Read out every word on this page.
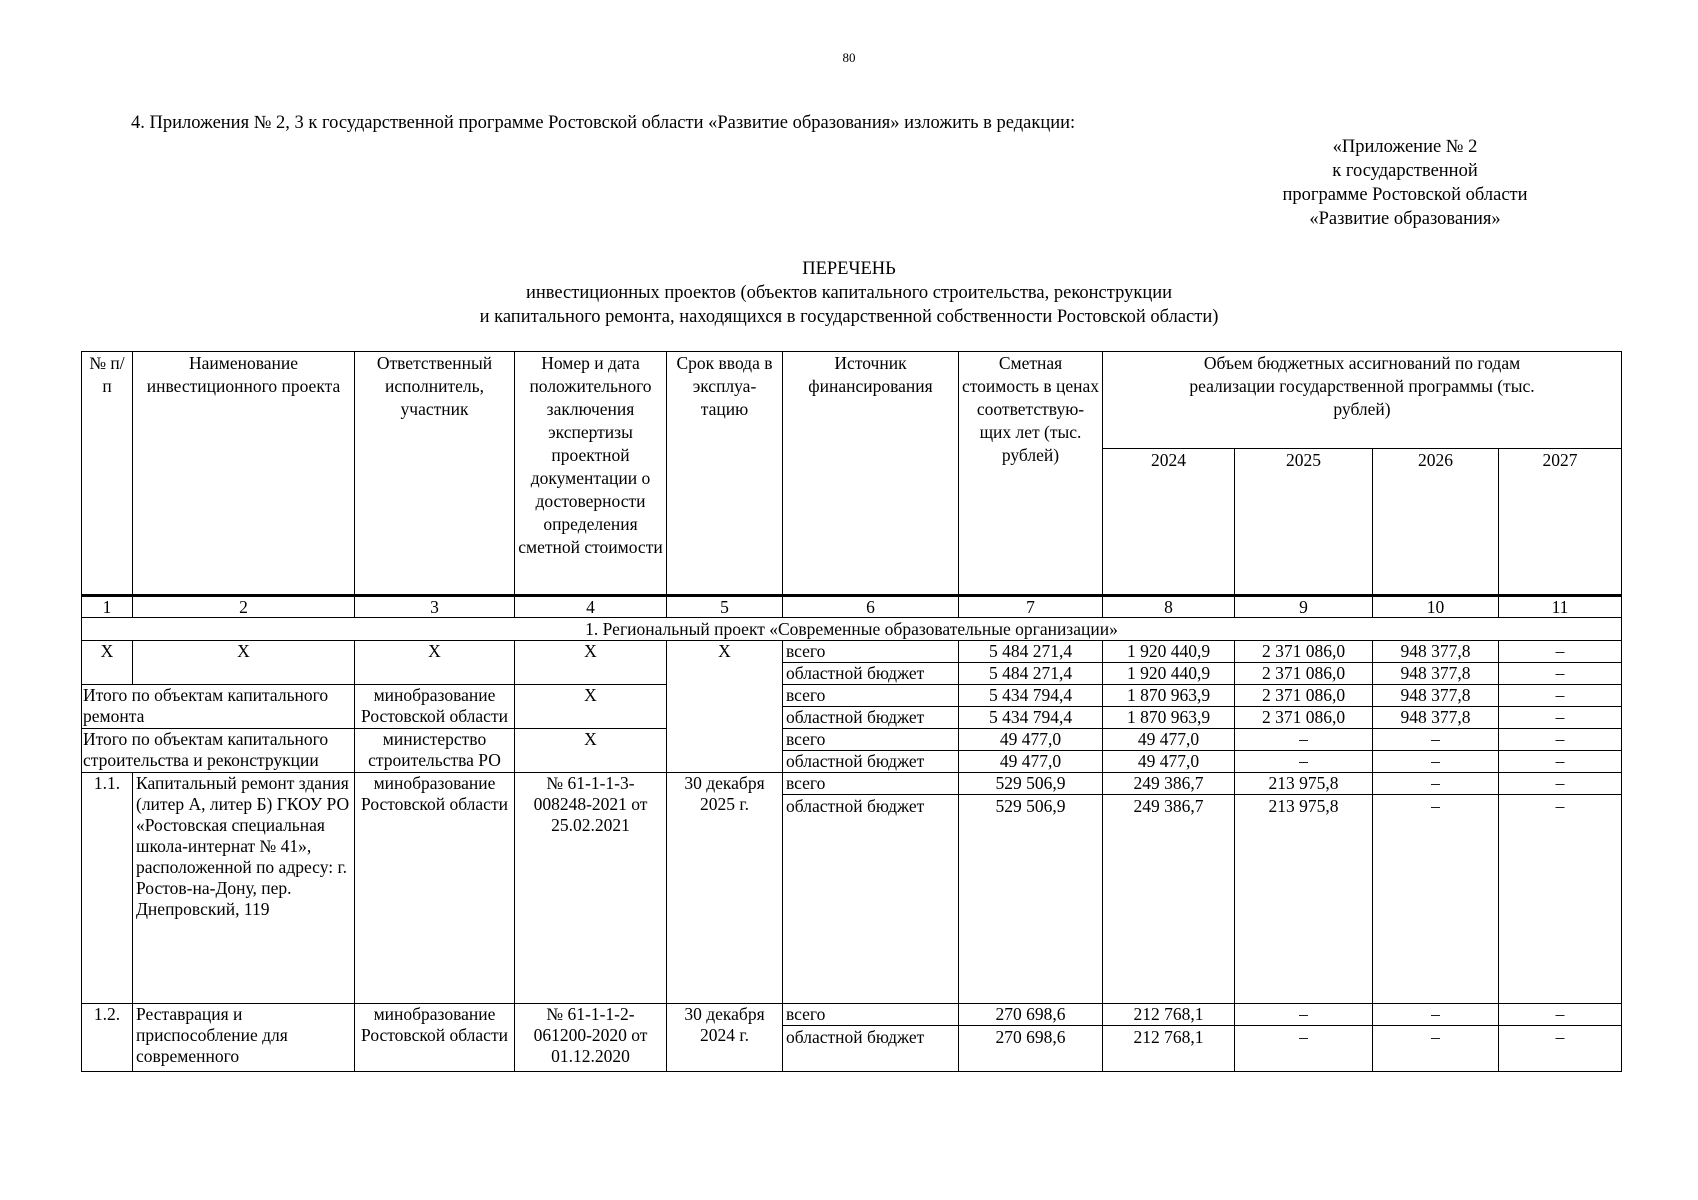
80
4. Приложения № 2, 3 к государственной программе Ростовской области «Развитие образования» изложить в редакции:
«Приложение № 2
к государственной
программе Ростовской области
«Развитие образования»
ПЕРЕЧЕНЬ
инвестиционных проектов (объектов капитального строительства, реконструкции
и капитального ремонта, находящихся в государственной собственности Ростовской области)
№ п/п	Наименование инвестиционного проекта	Ответственный исполнитель, участник	Номер и дата положительного заключения экспертизы проектной документации о достоверности определения сметной стоимости	Срок ввода в эксплуа-тацию	Источник финансирования	Сметная стоимость в ценах соответствую-щих лет (тыс. рублей)	Объем бюджетных ассигнований по годам реализации государственной программы (тыс. рублей)			
							2024	2025	2026	2027
1	2	3	4	5	6	7	8	9	10	11
1. Региональный проект «Современные образовательные организации»										
Х	Х	Х	Х	Х	всего	5 484 271,4	1 920 440,9	2 371 086,0	948 377,8	–
					областной бюджет	5 484 271,4	1 920 440,9	2 371 086,0	948 377,8	–
Итого по объектам капитального ремонта		минобразование Ростовской области	Х		всего	5 434 794,4	1 870 963,9	2 371 086,0	948 377,8	–
					областной бюджет	5 434 794,4	1 870 963,9	2 371 086,0	948 377,8	–

Итого по объектам капитального строительства и реконструкции		министерство строительства РО	Х		всего	49 477,0	49 477,0	–	–	–
					областной бюджет	49 477,0	49 477,0	–	–	–

1.1.	Капитальный ремонт здания (литер А, литер Б) ГКОУ РО «Ростовская специальная школа-интернат № 41», расположенной по адресу: г. Ростов-на-Дону, пер. Днепровский, 119	минобразование Ростовской области	№ 61-1-1-3-008248-2021 от 25.02.2021	30 декабря 2025 г.	всего	529 506,9	249 386,7	213 975,8	–	–
					областной бюджет	529 506,9	249 386,7	213 975,8	–	–
1.2.	Реставрация и приспособление для современного	минобразование Ростовской области	№ 61-1-1-2-061200-2020 от 01.12.2020	30 декабря 2024 г.	всего	270 698,6	212 768,1	–	–	–
					областной бюджет	270 698,6	212 768,1	–	–	–
